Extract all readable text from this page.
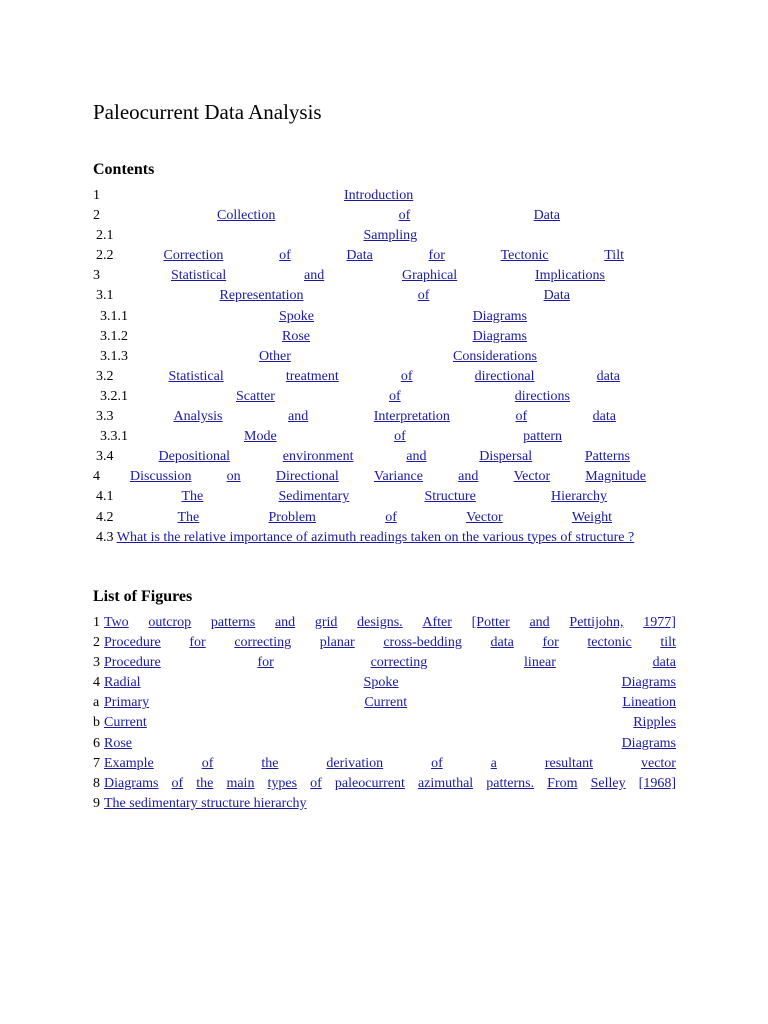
Paleocurrent Data Analysis
Contents
1	Introduction
2	Collection	of	Data
2.1	Sampling
2.2	Correction	of	Data	for	Tectonic	Tilt
3	Statistical	and	Graphical	Implications
3.1	Representation	of	Data
3.1.1	Spoke	Diagrams
3.1.2	Rose	Diagrams
3.1.3	Other	Considerations
3.2	Statistical	treatment	of	directional	data
3.2.1	Scatter	of	directions
3.3	Analysis	and	Interpretation	of	data
3.3.1	Mode	of	pattern
3.4	Depositional	environment	and	Dispersal	Patterns
4 Discussion	on	Directional	Variance	and	Vector	Magnitude
4.1	The	Sedimentary	Structure	Hierarchy
4.2	The	Problem	of	Vector	Weight
4.3 What is the relative importance of azimuth readings taken on the various types of structure ?
List of Figures
1 Two outcrop patterns and grid designs. After [Potter and Pettijohn, 1977]
2 Procedure for correcting planar cross-bedding data for tectonic tilt
3 Procedure	for	correcting	linear	data
4 Radial	Spoke	Diagrams
a Primary	Current	Lineation
b Current	Ripples
6 Rose	Diagrams
7 Example	of	the	derivation	of	a	resultant	vector
8 Diagrams of the main types of paleocurrent azimuthal patterns. From Selley [1968]
9 The sedimentary structure hierarchy
